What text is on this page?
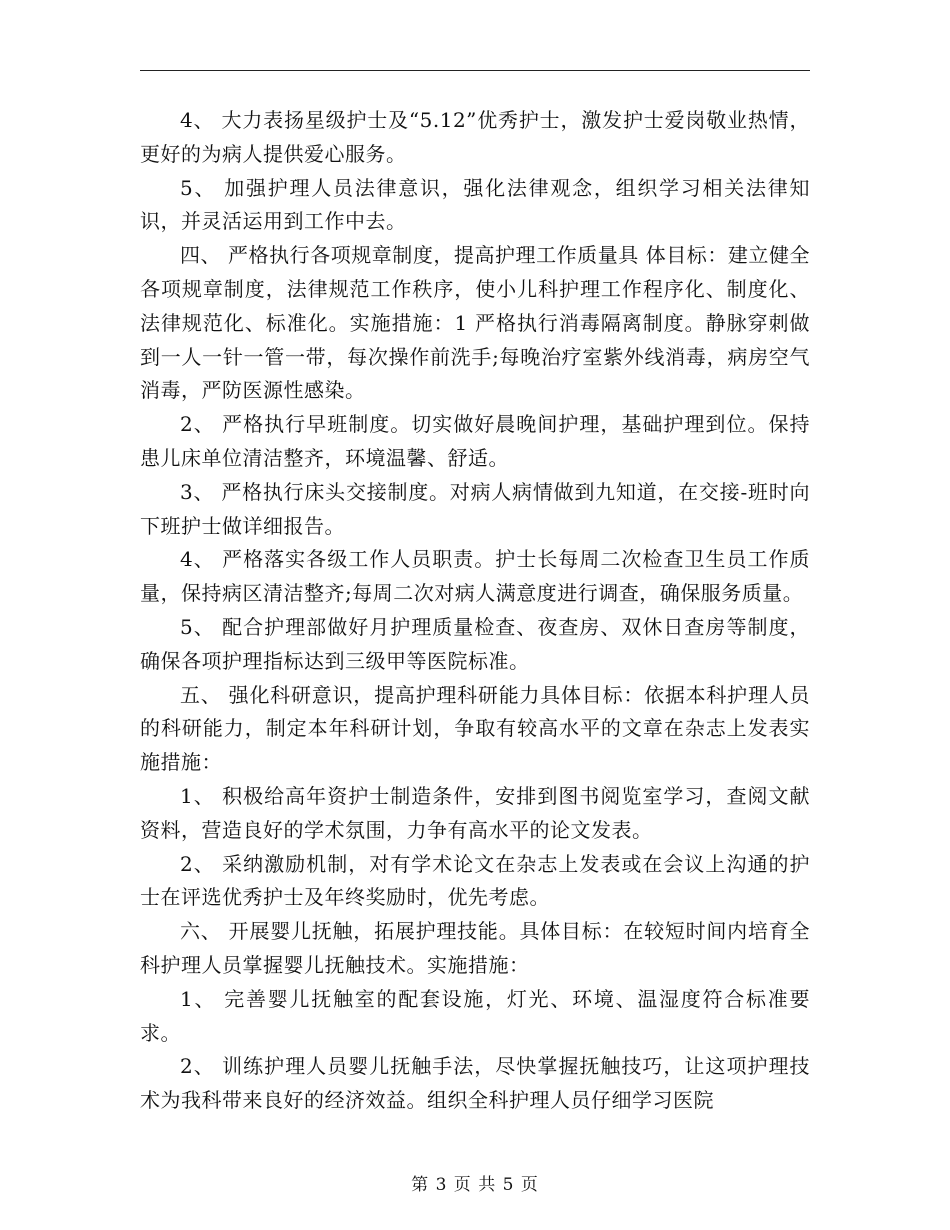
4、 大力表扬星级护士及“5.12”优秀护士，激发护士爱岗敬业热情，更好的为病人提供爱心服务。

5、 加强护理人员法律意识，强化法律观念，组织学习相关法律知识，并灵活运用到工作中去。

四、 严格执行各项规章制度，提高护理工作质量具 体目标：建立健全各项规章制度，法律规范工作秩序，使小儿科护理工作程序化、制度化、法律规范化、标准化。实施措施：1 严格执行消毒隔离制度。静脉穿刺做到一人一针一管一带，每次操作前洗手;每晚治疗室紫外线消毒，病房空气消毒，严防医源性感染。

2、 严格执行早班制度。切实做好晨晚间护理，基础护理到位。保持患儿床单位清洁整齐，环境温馨、舒适。

3、 严格执行床头交接制度。对病人病情做到九知道，在交接-班时向下班护士做详细报告。

4、 严格落实各级工作人员职责。护士长每周二次检查卫生员工作质量，保持病区清洁整齐;每周二次对病人满意度进行调查，确保服务质量。

5、 配合护理部做好月护理质量检查、夜查房、双休日查房等制度，确保各项护理指标达到三级甲等医院标准。

五、 强化科研意识，提高护理科研能力具体目标：依据本科护理人员的科研能力，制定本年科研计划，争取有较高水平的文章在杂志上发表实施措施：

1、 积极给高年资护士制造条件，安排到图书阅览室学习，查阅文献资料，营造良好的学术氛围，力争有高水平的论文发表。

2、 采纳激励机制，对有学术论文在杂志上发表或在会议上沟通的护士在评选优秀护士及年终奖励时，优先考虑。

六、 开展婴儿抚触，拓展护理技能。具体目标：在较短时间内培育全科护理人员掌握婴儿抚触技术。实施措施：

1、 完善婴儿抚触室的配套设施，灯光、环境、温湿度符合标准要求。

2、 训练护理人员婴儿抚触手法，尽快掌握抚触技巧，让这项护理技术为我科带来良好的经济效益。组织全科护理人员仔细学习医院

第 3 页 共 5 页
